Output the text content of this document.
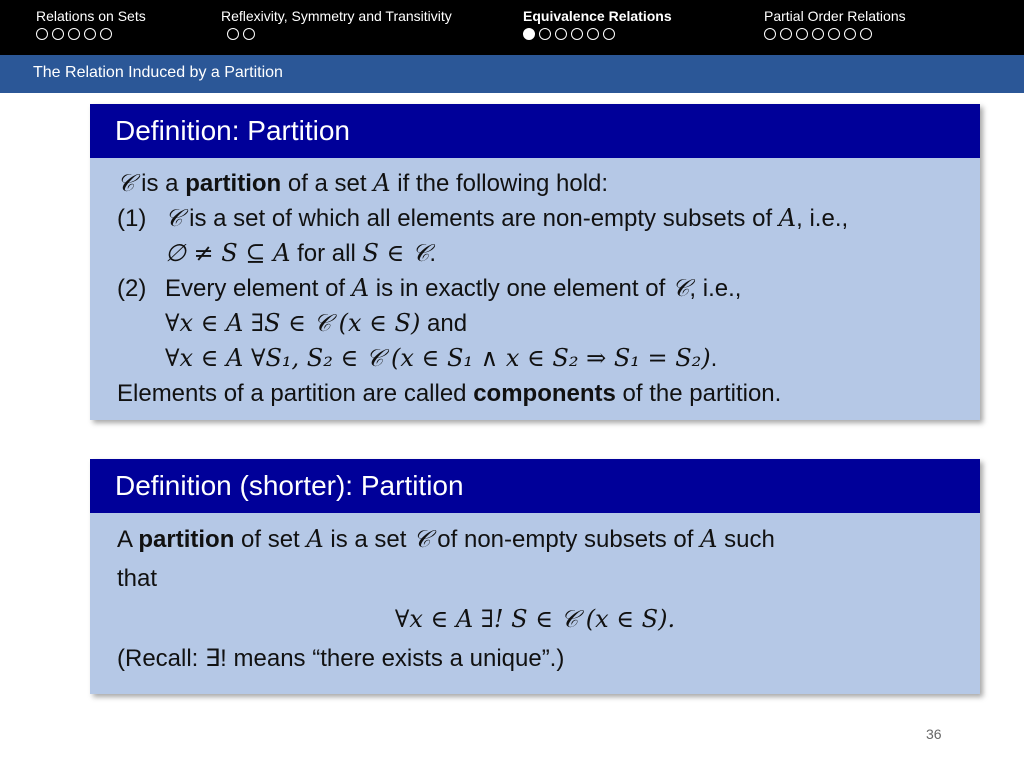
Relations on Sets	Reflexivity, Symmetry and Transitivity	Equivalence Relations	Partial Order Relations
The Relation Induced by a Partition
Definition: Partition
𝒞 is a partition of a set A if the following hold:
(1) 𝒞 is a set of which all elements are non-empty subsets of A, i.e.,
∅ ≠ S ⊆ A for all S ∈ 𝒞.
(2) Every element of A is in exactly one element of 𝒞, i.e.,
∀x ∈ A ∃S ∈ 𝒞 (x ∈ S) and
∀x ∈ A ∀S₁, S₂ ∈ 𝒞 (x ∈ S₁ ∧ x ∈ S₂ ⇒ S₁ = S₂).
Elements of a partition are called components of the partition.
Definition (shorter): Partition
A partition of set A is a set 𝒞 of non-empty subsets of A such
that
∀x ∈ A ∃! S ∈ 𝒞 (x ∈ S).
(Recall: ∃! means “there exists a unique”.)
36
